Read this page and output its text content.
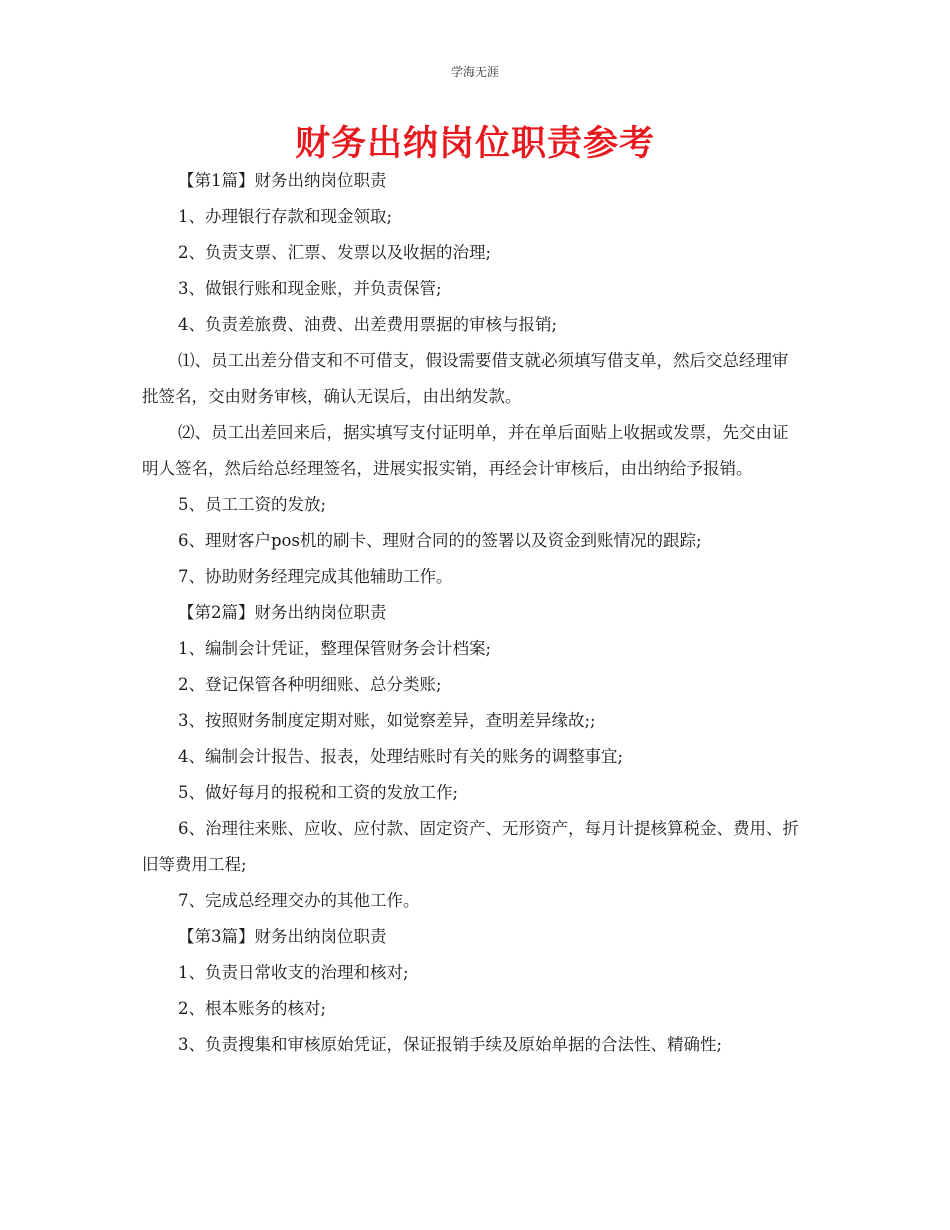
学海无涯
财务出纳岗位职责参考

【第1篇】财务出纳岗位职责

1、办理银行存款和现金领取;

2、负责支票、汇票、发票以及收据的治理;

3、做银行账和现金账，并负责保管;

4、负责差旅费、油费、出差费用票据的审核与报销;

⑴、员工出差分借支和不可借支，假设需要借支就必须填写借支单，然后交总经理审批签名，交由财务审核，确认无误后，由出纳发款。

⑵、员工出差回来后，据实填写支付证明单，并在单后面贴上收据或发票，先交由证明人签名，然后给总经理签名，进展实报实销，再经会计审核后，由出纳给予报销。

5、员工工资的发放;

6、理财客户pos机的刷卡、理财合同的的签署以及资金到账情况的跟踪;

7、协助财务经理完成其他辅助工作。

【第2篇】财务出纳岗位职责

1、编制会计凭证，整理保管财务会计档案;

2、登记保管各种明细账、总分类账;

3、按照财务制度定期对账，如觉察差异，查明差异缘故;;

4、编制会计报告、报表，处理结账时有关的账务的调整事宜;

5、做好每月的报税和工资的发放工作;

6、治理往来账、应收、应付款、固定资产、无形资产，每月计提核算税金、费用、折旧等费用工程;

7、完成总经理交办的其他工作。

【第3篇】财务出纳岗位职责

1、负责日常收支的治理和核对;

2、根本账务的核对;

3、负责搜集和审核原始凭证，保证报销手续及原始单据的合法性、精确性;
